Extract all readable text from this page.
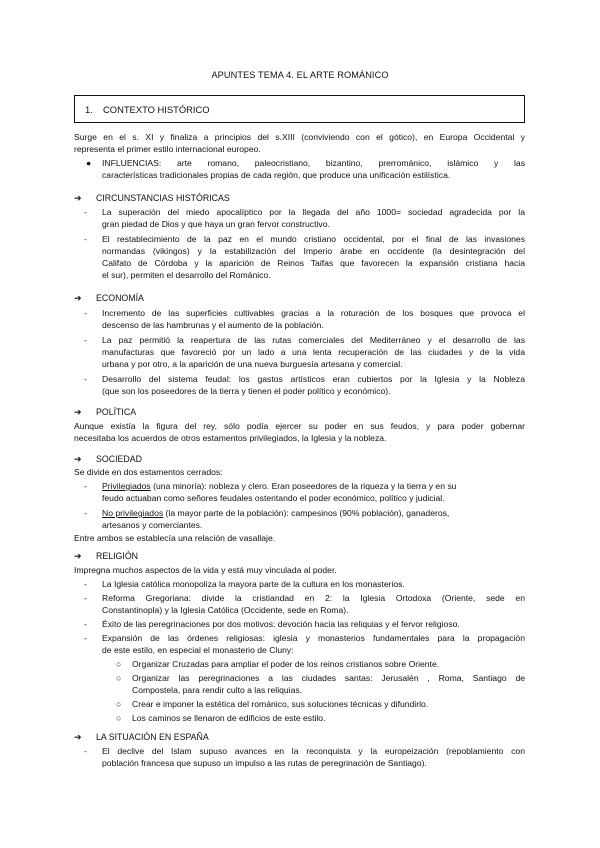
APUNTES TEMA 4. EL ARTE ROMÁNICO
1. CONTEXTO HISTÓRICO
Surge en el s. XI y finaliza a principios del s.XIII (conviviendo con el gótico), en Europa Occidental y
representa el primer estilo internacional europeo.
● INFLUENCIAS: arte romano, paleocristiano, bizantino, prerrománico, islámico y las
características tradicionales propias de cada región, que produce una unificación estilística.
➔ CIRCUNSTANCIAS HISTÓRICAS
- La superación del miedo apocalíptico por la llegada del año 1000= sociedad agradecida por la
gran piedad de Dios y que haya un gran fervor constructivo.
- El restablecimiento de la paz en el mundo cristiano occidental, por el final de las invasiones
normandas (vikingos) y la estabilización del Imperio árabe en occidente (la desintegración del
Califato de Córdoba y la aparición de Reinos Taifas que favorecen la expansión cristiana hacia
el sur), permiten el desarrollo del Románico.
➔ ECONOMÍA
- Incremento de las superficies cultivables gracias a la roturación de los bosques que provoca el
descenso de las hambrunas y el aumento de la población.
- La paz permitió la reapertura de las rutas comerciales del Mediterráneo y el desarrollo de las
manufacturas que favoreció por un lado a una lenta recuperación de las ciudades y de la vida
urbana y por otro, a la aparición de una nueva burguesía artesana y comercial.
- Desarrollo del sistema feudal: los gastos artísticos eran cubiertos por la Iglesia y la Nobleza
(que son los poseedores de la tierra y tienen el poder político y económico).
➔ POLÍTICA
Aunque existía la figura del rey, sólo podía ejercer su poder en sus feudos, y para poder gobernar
necesitaba los acuerdos de otros estamentos privilegiados, la Iglesia y la nobleza.
➔ SOCIEDAD
Se divide en dos estamentos cerrados:
- Privilegiados (una minoría): nobleza y clero. Eran poseedores de la riqueza y la tierra y en su
feudo actuaban como señores feudales ostentando el poder económico, político y judicial.
- No privilegiados (la mayor parte de la población): campesinos (90% población), ganaderos,
artesanos y comerciantes.
Entre ambos se establecía una relación de vasallaje.
➔ RELIGIÓN
Impregna muchos aspectos de la vida y está muy vinculada al poder.
- La Iglesia católica monopoliza la mayora parte de la cultura en los monasterios.
- Reforma Gregoriana: divide la cristiandad en 2: la Iglesia Ortodoxa (Oriente, sede en
Constantinopla) y la Iglesia Católica (Occidente, sede en Roma).
- Éxito de las peregrinaciones por dos motivos: devoción hacia las reliquias y el fervor religioso.
- Expansión de las órdenes religiosas: iglesia y monasterios fundamentales para la propagación
de este estilo, en especial el monasterio de Cluny:
○ Organizar Cruzadas para ampliar el poder de los reinos cristianos sobre Oriente.
○ Organizar las peregrinaciones a las ciudades santas: Jerusalén , Roma, Santiago de
Compostela, para rendir culto a las reliquias.
○ Crear e imponer la estética del románico, sus soluciones técnicas y difundirlo.
○ Los caminos se llenaron de edificios de este estilo.
➔ LA SITUACIÓN EN ESPAÑA
- El declive del Islam supuso avances en la reconquista y la europeización (repoblamiento con
población francesa que supuso un impulso a las rutas de peregrinación de Santiago).
